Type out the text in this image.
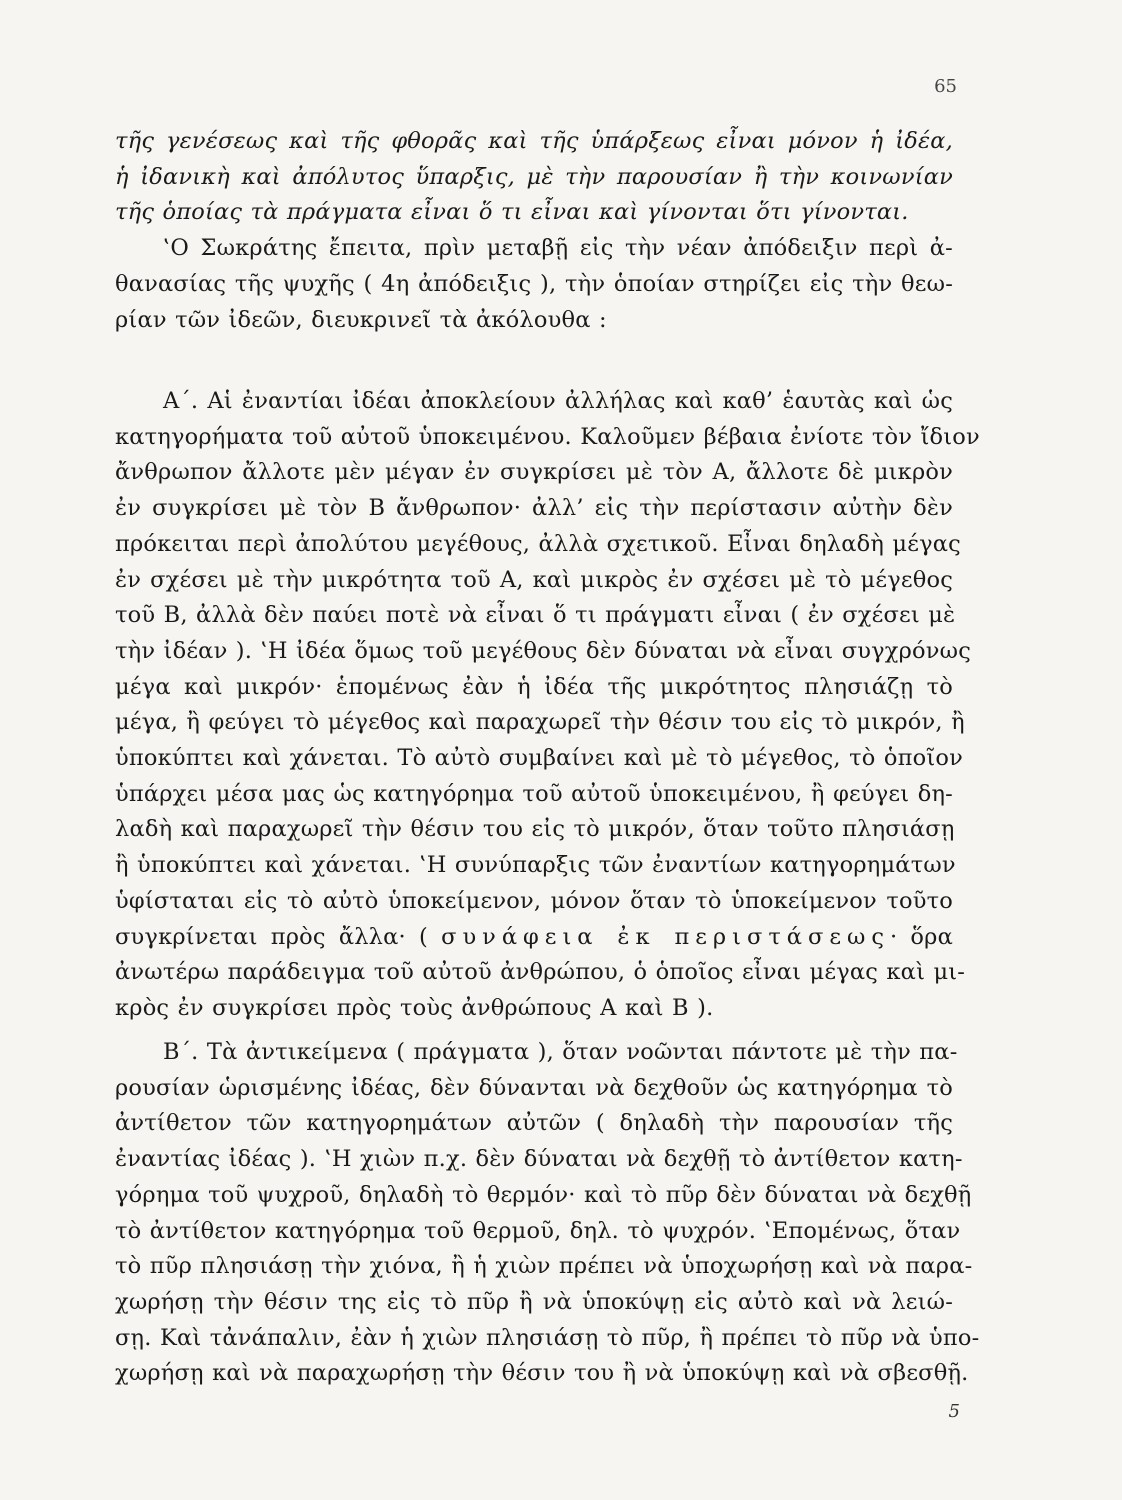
65
τῆς γενέσεως καὶ τῆς φθορᾶς καὶ τῆς ὑπάρξεως εἶναι μόνον ἡ ἰδέα,
ἡ ἰδανικὴ καὶ ἀπόλυτος ὕπαρξις, μὲ τὴν παρουσίαν ἢ τὴν κοινωνίαν
τῆς ὁποίας τὰ πράγματα εἶναι ὅ τι εἶναι καὶ γίνονται ὅτι γίνονται.
‛Ο Σωκράτης ἔπειτα, πρὶν μεταβῇ εἰς τὴν νέαν ἀπόδειξιν περὶ ἀ-
θανασίας τῆς ψυχῆς ( 4η ἀπόδειξις ), τὴν ὁποίαν στηρίζει εἰς τὴν θεω-
ρίαν τῶν ἰδεῶν, διευκρινεῖ τὰ ἀκόλουθα :
Α΄. Αἱ ἐναντίαι ἰδέαι ἀποκλείουν ἀλλήλας καὶ καθ’ ἑαυτὰς καὶ ὡς
κατηγορήματα τοῦ αὐτοῦ ὑποκειμένου. Καλοῦμεν βέβαια ἐνίοτε τὸν ἴδιον
ἄνθρωπον ἄλλοτε μὲν μέγαν ἐν συγκρίσει μὲ τὸν Α, ἄλλοτε δὲ μικρὸν
ἐν συγκρίσει μὲ τὸν Β ἄνθρωπον· ἀλλ’ εἰς τὴν περίστασιν αὐτὴν δὲν
πρόκειται περὶ ἀπολύτου μεγέθους, ἀλλὰ σχετικοῦ. Εἶναι δηλαδὴ μέγας
ἐν σχέσει μὲ τὴν μικρότητα τοῦ Α, καὶ μικρὸς ἐν σχέσει μὲ τὸ μέγεθος
τοῦ Β, ἀλλὰ δὲν παύει ποτὲ νὰ εἶναι ὅ τι πράγματι εἶναι ( ἐν σχέσει μὲ
τὴν ἰδέαν ). ‛Η ἰδέα ὅμως τοῦ μεγέθους δὲν δύναται νὰ εἶναι συγχρόνως
μέγα καὶ μικρόν· ἑπομένως ἐὰν ἡ ἰδέα τῆς μικρότητος πλησιάζῃ τὸ
μέγα, ἢ φεύγει τὸ μέγεθος καὶ παραχωρεῖ τὴν θέσιν του εἰς τὸ μικρόν, ἢ
ὑποκύπτει καὶ χάνεται. Τὸ αὐτὸ συμβαίνει καὶ μὲ τὸ μέγεθος, τὸ ὁποῖον
ὑπάρχει μέσα μας ὡς κατηγόρημα τοῦ αὐτοῦ ὑποκειμένου, ἢ φεύγει δη-
λαδὴ καὶ παραχωρεῖ τὴν θέσιν του εἰς τὸ μικρόν, ὅταν τοῦτο πλησιάσῃ
ἢ ὑποκύπτει καὶ χάνεται. ‛Η συνύπαρξις τῶν ἐναντίων κατηγορημάτων
ὑφίσταται εἰς τὸ αὐτὸ ὑποκείμενον, μόνον ὅταν τὸ ὑποκείμενον τοῦτο
συγκρίνεται πρὸς ἄλλα· ( συνάφεια ἐκ περιστάσεως· ὅρα
ἀνωτέρω παράδειγμα τοῦ αὐτοῦ ἀνθρώπου, ὁ ὁποῖος εἶναι μέγας καὶ μι-
κρὸς ἐν συγκρίσει πρὸς τοὺς ἀνθρώπους Α καὶ Β ).
Β΄. Τὰ ἀντικείμενα ( πράγματα ), ὅταν νοῶνται πάντοτε μὲ τὴν πα-
ρουσίαν ὡρισμένης ἰδέας, δὲν δύνανται νὰ δεχθοῦν ὡς κατηγόρημα τὸ
ἀντίθετον τῶν κατηγορημάτων αὐτῶν ( δηλαδὴ τὴν παρουσίαν τῆς
ἐναντίας ἰδέας ). ‛Η χιὼν π.χ. δὲν δύναται νὰ δεχθῇ τὸ ἀντίθετον κατη-
γόρημα τοῦ ψυχροῦ, δηλαδὴ τὸ θερμόν· καὶ τὸ πῦρ δὲν δύναται νὰ δεχθῇ
τὸ ἀντίθετον κατηγόρημα τοῦ θερμοῦ, δηλ. τὸ ψυχρόν. ‛Επομένως, ὅταν
τὸ πῦρ πλησιάσῃ τὴν χιόνα, ἢ ἡ χιὼν πρέπει νὰ ὑποχωρήσῃ καὶ νὰ παρα-
χωρήσῃ τὴν θέσιν της εἰς τὸ πῦρ ἢ νὰ ὑποκύψῃ εἰς αὐτὸ καὶ νὰ λειώ-
σῃ. Καὶ τἀνάπαλιν, ἐὰν ἡ χιὼν πλησιάσῃ τὸ πῦρ, ἢ πρέπει τὸ πῦρ νὰ ὑπο-
χωρήσῃ καὶ νὰ παραχωρήσῃ τὴν θέσιν του ἢ νὰ ὑποκύψῃ καὶ νὰ σβεσθῇ.
5
